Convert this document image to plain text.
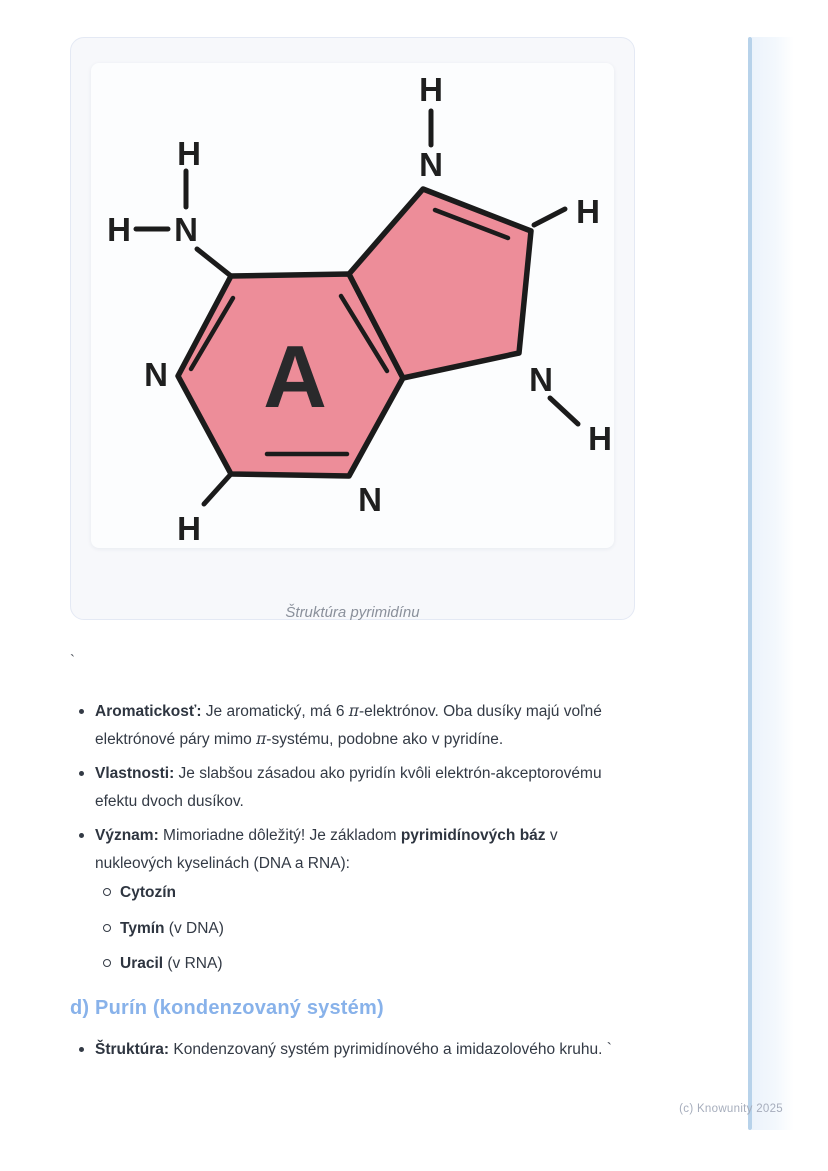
H
N
H
H N	H
N	N
H
N
H
A
Štruktúra pyrimidínu
`
Aromatickosť: Je aromatický, má 6 π-elektrónov. Oba dusíky majú voľné
elektrónové páry mimo π-systému, podobne ako v pyridíne.
Vlastnosti: Je slabšou zásadou ako pyridín kvôli elektrón-akceptorovému
efektu dvoch dusíkov.
Význam: Mimoriadne dôležitý! Je základom pyrimidínových báz v
nukleových kyselinách (DNA a RNA):
Cytozín
Tymín (v DNA)
Uracil (v RNA)
d) Purín (kondenzovaný systém)
Štruktúra: Kondenzovaný systém pyrimidínového a imidazolového kruhu. `
(c) Knowunity 2025
